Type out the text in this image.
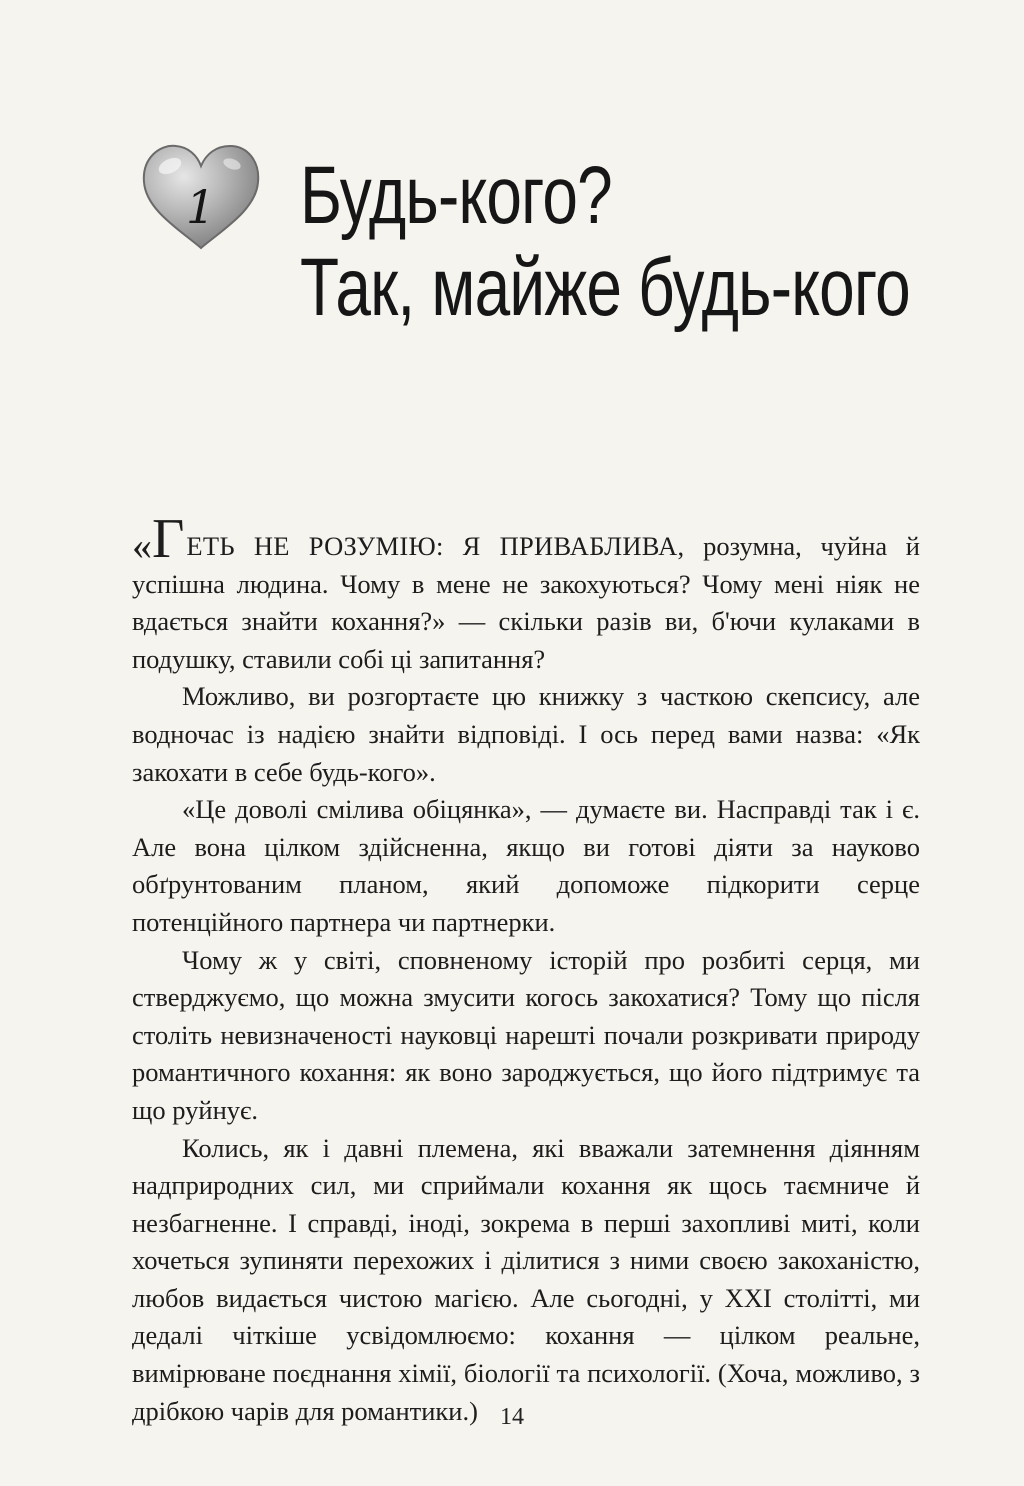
1 Будь-кого?
Так, майже будь-кого

«ГЕТЬ НЕ РОЗУМІЮ: Я ПРИВАБЛИВА, розумна, чуйна й успішна людина. Чому в мене не закохуються? Чому мені ніяк не вдається знайти кохання?» — скільки разів ви, б'ючи кулаками в подушку, ставили собі ці запитання?

Можливо, ви розгортаєте цю книжку з часткою скепсису, але водночас із надією знайти відповіді. І ось перед вами назва: «Як закохати в себе будь-кого».

«Це доволі смілива обіцянка», — думаєте ви. Насправді так і є. Але вона цілком здійсненна, якщо ви готові діяти за науково обґрунтованим планом, який допоможе підкорити серце потенційного партнера чи партнерки.

Чому ж у світі, сповненому історій про розбиті серця, ми стверджуємо, що можна змусити когось закохатися? Тому що після століть невизначеності науковці нарешті почали розкривати природу романтичного кохання: як воно зароджується, що його підтримує та що руйнує.

Колись, як і давні племена, які вважали затемнення діянням надприродних сил, ми сприймали кохання як щось таємниче й незбагненне. І справді, іноді, зокрема в перші захопливі миті, коли хочеться зупиняти перехожих і ділитися з ними своєю закоханістю, любов видається чистою магією. Але сьогодні, у XXI столітті, ми дедалі чіткіше усвідомлюємо: кохання — цілком реальне, вимірюване поєднання хімії, біології та психології. (Хоча, можливо, з дрібкою чарів для романтики.) 14
